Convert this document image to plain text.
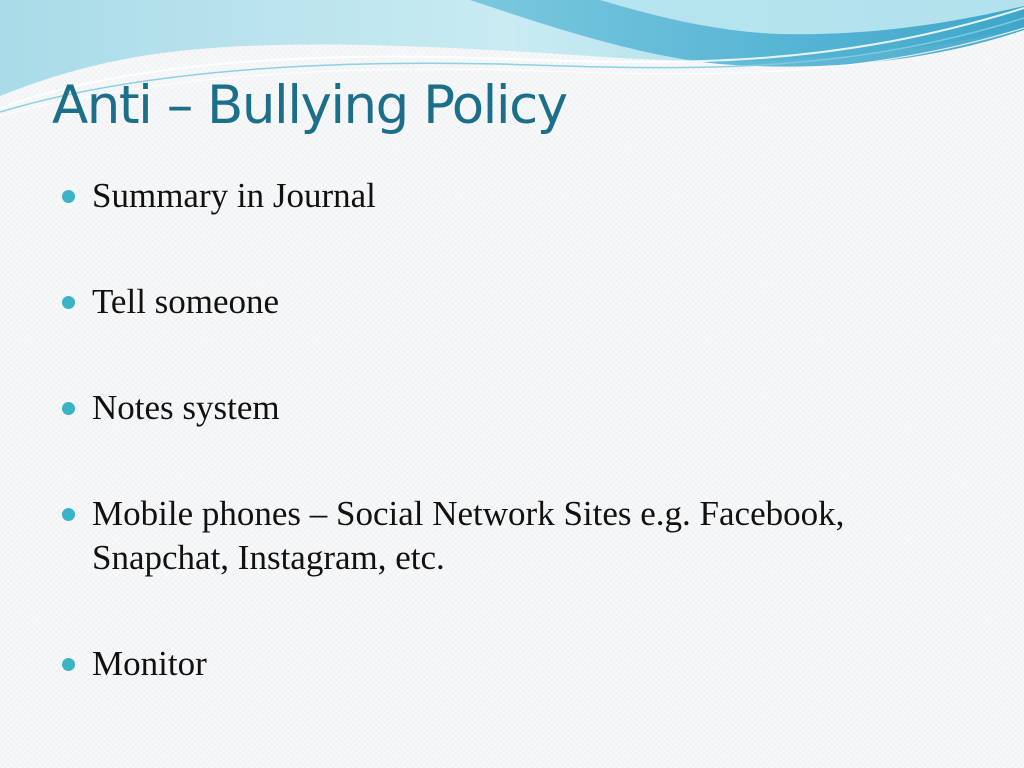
Anti – Bullying Policy
Summary in Journal
Tell someone
Notes system
Mobile phones – Social Network Sites e.g. Facebook, Snapchat, Instagram, etc.
Monitor
